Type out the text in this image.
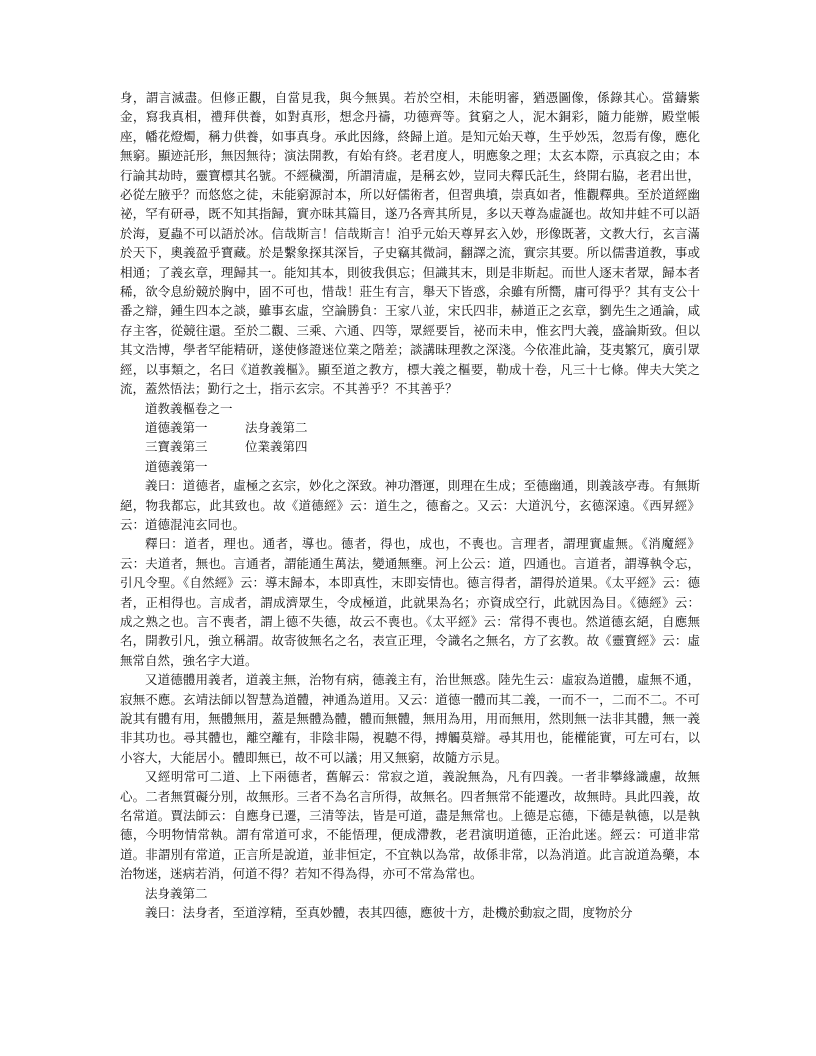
身，謂言滅盡。但修正觀，自當見我，與今無異。若於空相，未能明審，猶憑圖像，係錄其心。當鑄紫金，寫我真相，禮拜供養，如對真形，想念丹禱，功德齊等。貧窮之人，泥木銅彩，隨力能辦，殿堂帳座，幡花燈燭，稱力供養，如事真身。承此因緣，終歸上道。是知元始天尊，生乎妙炁，忽焉有像，應化無窮。顯迹託形，無因無待；演法開教，有始有終。老君度人，明應象之理；太玄本際，示真寂之由；本行論其劫時，靈寶標其名號。不經穢濁，所謂清虛，是稱玄妙，豈同夫釋氏託生，終開右脇，老君出世，必從左腋乎？而悠悠之徒，未能窮源討本，所以好儒術者，但習典墳，崇真如者，惟觀釋典。至於道經幽祕，罕有研尋，既不知其指歸，實亦昧其篇目，遂乃各齊其所見，多以天尊為虛誕也。故知井蛙不可以語於海，夏蟲不可以語於冰。信哉斯言！信哉斯言！洎乎元始天尊昇玄入妙，形像既著，文教大行，玄言滿於天下，奧義盈乎寶藏。於是繫象探其深旨，子史竊其微詞，翻譯之流，實宗其要。所以儒書道教，事或相通；了義玄章，理歸其一。能知其本，則彼我俱忘；但識其末，則是非斯起。而世人逐末者眾，歸本者稀，欲令息紛競於胸中，固不可也，惜哉！莊生有言，舉天下皆惑，余雖有所嚮，庸可得乎？其有支公十番之辯，鍾生四本之談，雖事玄虛，空論勝負：王家八並，宋氏四非，赫道正之玄章，劉先生之通論，咸存主客，從競往還。至於二觀、三乘、六通、四等，眾經要旨，祕而未申，惟玄門大義，盛論斯致。但以其文浩博，學者罕能精研，遂使修證迷位業之階差；談講昧理教之深淺。今依准此論，芟夷繁冗，廣引眾經，以事類之，名曰《道教義樞》。顯至道之教方，標大義之樞要，勒成十卷，凡三十七條。俾夫大笑之流，蓋然悟法；勤行之士，指示玄宗。不其善乎？不其善乎？

道教義樞卷之一

道德義第一	法身義第二

三寶義第三	位業義第四

道德義第一

義曰：道德者，虛極之玄宗，妙化之深致。神功潛運，則理在生成；至德幽通，則義該亭毒。有無斯絕，物我都忘，此其致也。故《道德經》云：道生之，德畜之。又云：大道汎兮，玄德深遠。《西昇經》云：道德混沌玄同也。

釋曰：道者，理也。通者，導也。德者，得也，成也，不喪也。言理者，謂理實虛無。《消魔經》云：夫道者，無也。言通者，謂能通生萬法，變通無壅。河上公云：道，四通也。言道者，謂導執令忘，引凡令聖。《自然經》云：導末歸本，本即真性，末即妄情也。德言得者，謂得於道果。《太平經》云：德者，正相得也。言成者，謂成濟眾生，令成極道，此就果為名；亦資成空行，此就因為目。《德經》云：成之熟之也。言不喪者，謂上德不失德，故云不喪也。《太平經》云：常得不喪也。然道德玄絕，自應無名，開教引凡，強立稱謂。故寄彼無名之名，表宣正理，令識名之無名，方了玄教。故《靈寶經》云：虛無常自然，強名字大道。

又道德體用義者，道義主無，治物有病，德義主有，治世無惑。陸先生云：虛寂為道體，虛無不通，寂無不應。玄靖法師以智慧為道體，神通為道用。又云：道德一體而其二義，一而不一，二而不二。不可說其有體有用，無體無用，蓋是無體為體，體而無體，無用為用，用而無用，然則無一法非其體，無一義非其功也。尋其體也，離空離有，非陰非陽，視聽不得，搏觸莫辯。尋其用也，能權能實，可左可右，以小容大，大能居小。體即無已，故不可以議；用又無窮，故隨方示見。

又經明常可二道、上下兩德者，舊解云：常寂之道，義說無為，凡有四義。一者非攀緣識慮，故無心。二者無質礙分別，故無形。三者不為名言所得，故無名。四者無常不能遷改，故無時。具此四義，故名常道。賈法師云：自應身已遷，三清等法，皆是可道，盡是無常也。上德是忘德，下德是執德，以是執德，今明物情常執。謂有常道可求，不能悟理，便成滯教，老君演明道德，正治此迷。經云：可道非常道。非謂別有常道，正言所是說道，並非恒定，不宜執以為常，故係非常，以為消道。此言說道為藥，本治物迷，迷病若消，何道不得？若知不得為得，亦可不常為常也。

法身義第二

義曰：法身者，至道淳精，至真妙體，表其四德，應彼十方，赴機於動寂之間，度物於分
